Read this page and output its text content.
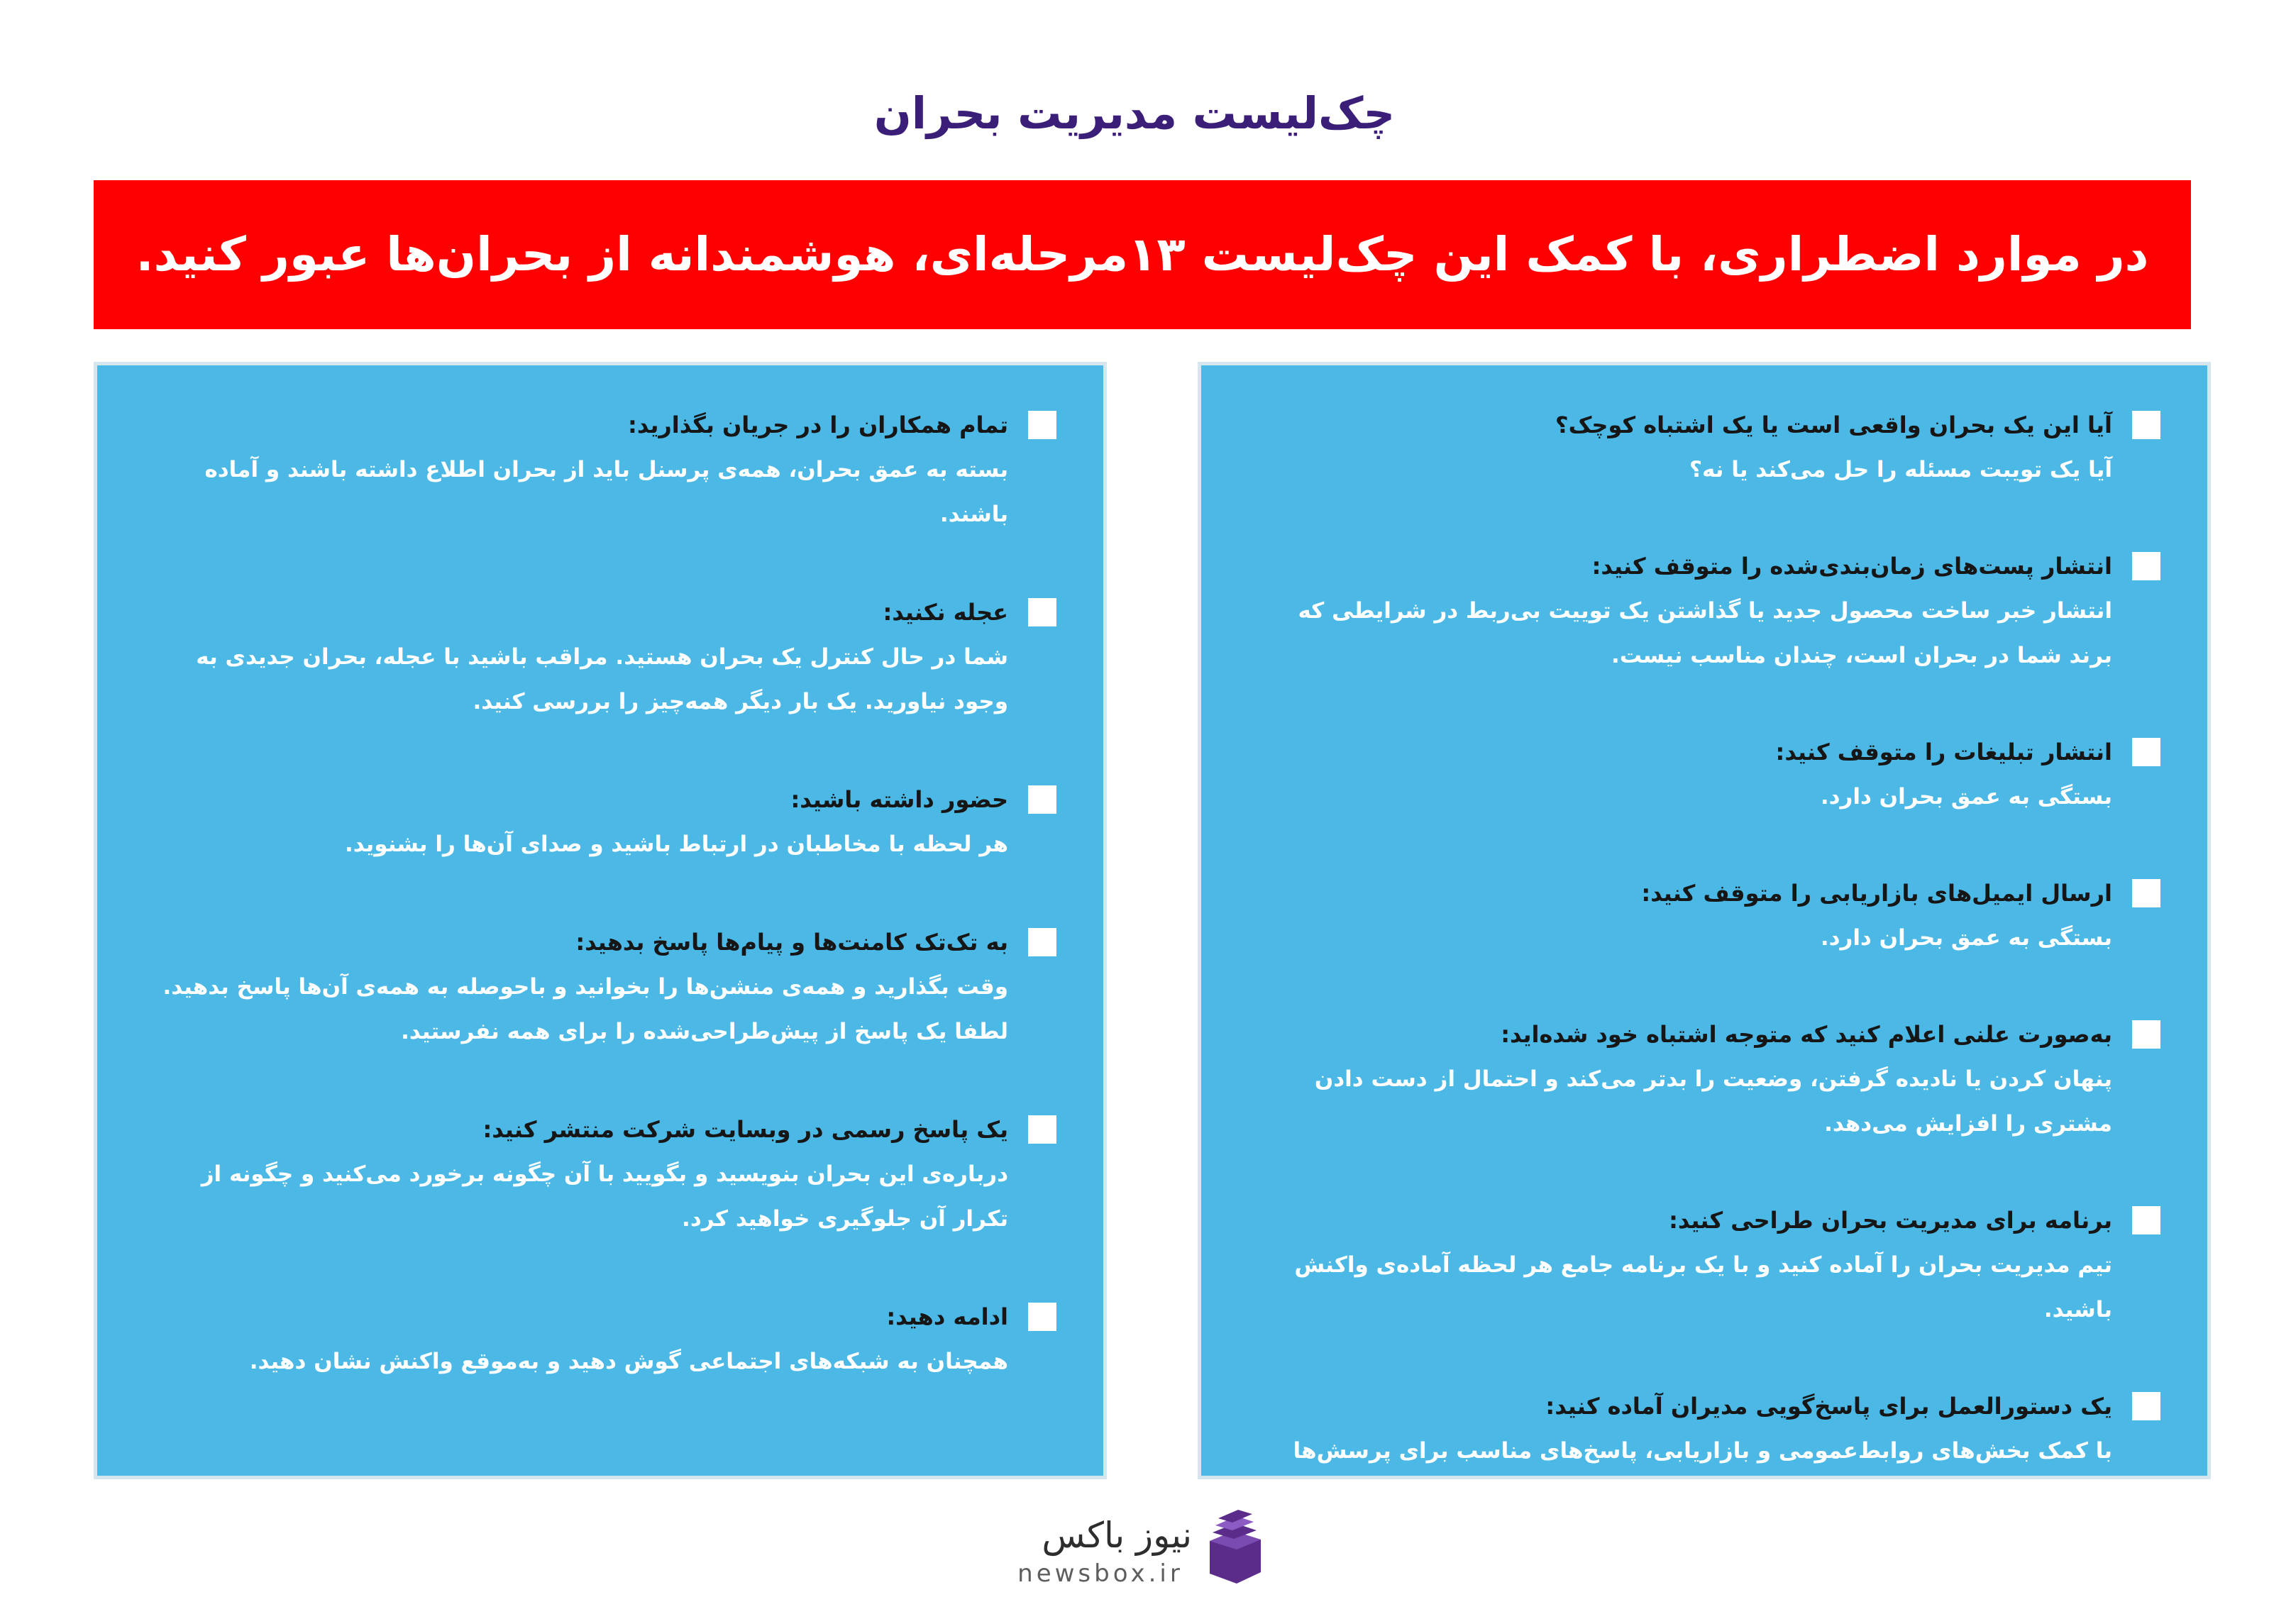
چک‌لیست مدیریت بحران
در موارد اضطراری، با کمک این چک‌لیست ۱۳مرحله‌ای، هوشمندانه از بحران‌ها عبور کنید.
آیا این یک بحران واقعی است یا یک اشتباه کوچک؟

آیا یک تویبت مسئله را حل می‌کند یا نه؟

انتشار پست‌های زمان‌بندی‌شده را متوقف کنید:

انتشار خبر ساخت محصول جدید یا گذاشتن یک توییت بی‌ربط در شرایطی که برند شما در بحران است، چندان مناسب نیست.

انتشار تبلیغات را متوقف کنید:

بستگی به عمق بحران دارد.

ارسال ایمیل‌های بازاریابی را متوقف کنید:

بستگی به عمق بحران دارد.

به‌صورت علنی اعلام کنید که متوجه اشتباه خود شده‌اید:

پنهان کردن یا نادیده گرفتن، وضعیت را بدتر می‌کند و احتمال از دست دادن مشتری را افزایش می‌دهد.

برنامه برای مدیریت بحران طراحی کنید:

تیم مدیریت بحران را آماده کنید و با یک برنامه جامع هر لحظه آماده‌ی واکنش باشید.

یک دستورالعمل برای پاسخ‌گویی مدیران آماده کنید:

با کمک بخش‌های روابط‌عمومی و بازاریابی، پاسخ‌های مناسب برای پرسش‌ها آماده کنید.

تمام همکاران را در جریان بگذارید:

بسته به عمق بحران، همه‌ی پرسنل باید از بحران اطلاع داشته باشند و آماده باشند.

عجله نکنید:

شما در حال کنترل یک بحران هستید. مراقب باشید با عجله، بحران جدیدی به وجود نیاورید. یک بار دیگر همه‌چیز را بررسی کنید.

حضور داشته باشید:

هر لحظه با مخاطبان در ارتباط باشید و صدای آن‌ها را بشنوید.

به تک‌تک کامنت‌ها و پیام‌ها پاسخ بدهید:

وقت بگذارید و همه‌ی منشن‌ها را بخوانید و باحوصله به همه‌ی آن‌ها پاسخ بدهید. لطفا یک پاسخ از پیش‌طراحی‌شده را برای همه نفرستید.

یک پاسخ رسمی در وبسایت شرکت منتشر کنید:

درباره‌ی این بحران بنویسید و بگویید با آن چگونه برخورد می‌کنید و چگونه از تکرار آن جلوگیری خواهید کرد.

ادامه دهید:

همچنان به شبکه‌های اجتماعی گوش دهید و به‌موقع واکنش نشان دهید.

نیوز باکس
newsbox.ir
